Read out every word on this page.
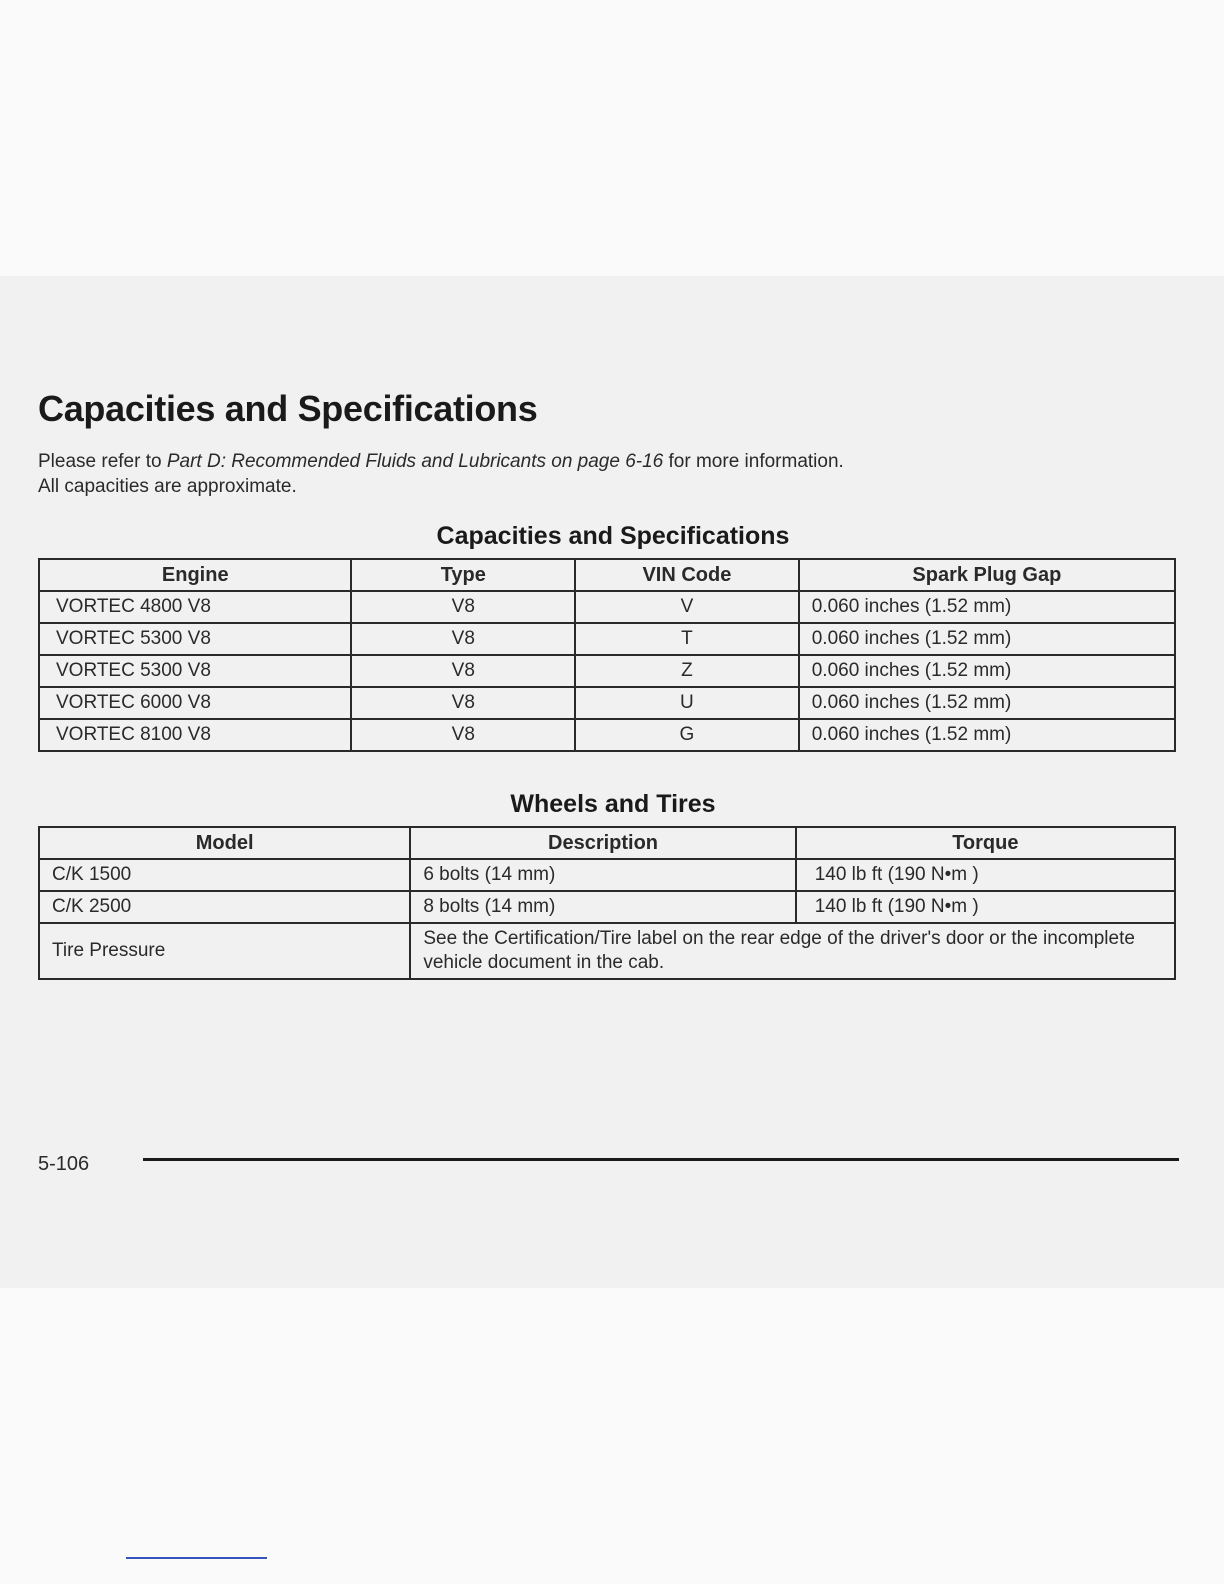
Capacities and Specifications
Please refer to Part D: Recommended Fluids and Lubricants on page 6-16 for more information.
All capacities are approximate.
Capacities and Specifications
Engine	Type	VIN Code	Spark Plug Gap
VORTEC 4800 V8	V8	V	0.060 inches (1.52 mm)
VORTEC 5300 V8	V8	T	0.060 inches (1.52 mm)
VORTEC 5300 V8	V8	Z	0.060 inches (1.52 mm)
VORTEC 6000 V8	V8	U	0.060 inches (1.52 mm)
VORTEC 8100 V8	V8	G	0.060 inches (1.52 mm)
Wheels and Tires
Model	Description	Torque
C/K 1500	6 bolts (14 mm)	140 lb ft (190 N•m )
C/K 2500	8 bolts (14 mm)	140 lb ft (190 N•m )
Tire Pressure	See the Certification/Tire label on the rear edge of the driver's door or the incomplete vehicle document in the cab.	
5-106
